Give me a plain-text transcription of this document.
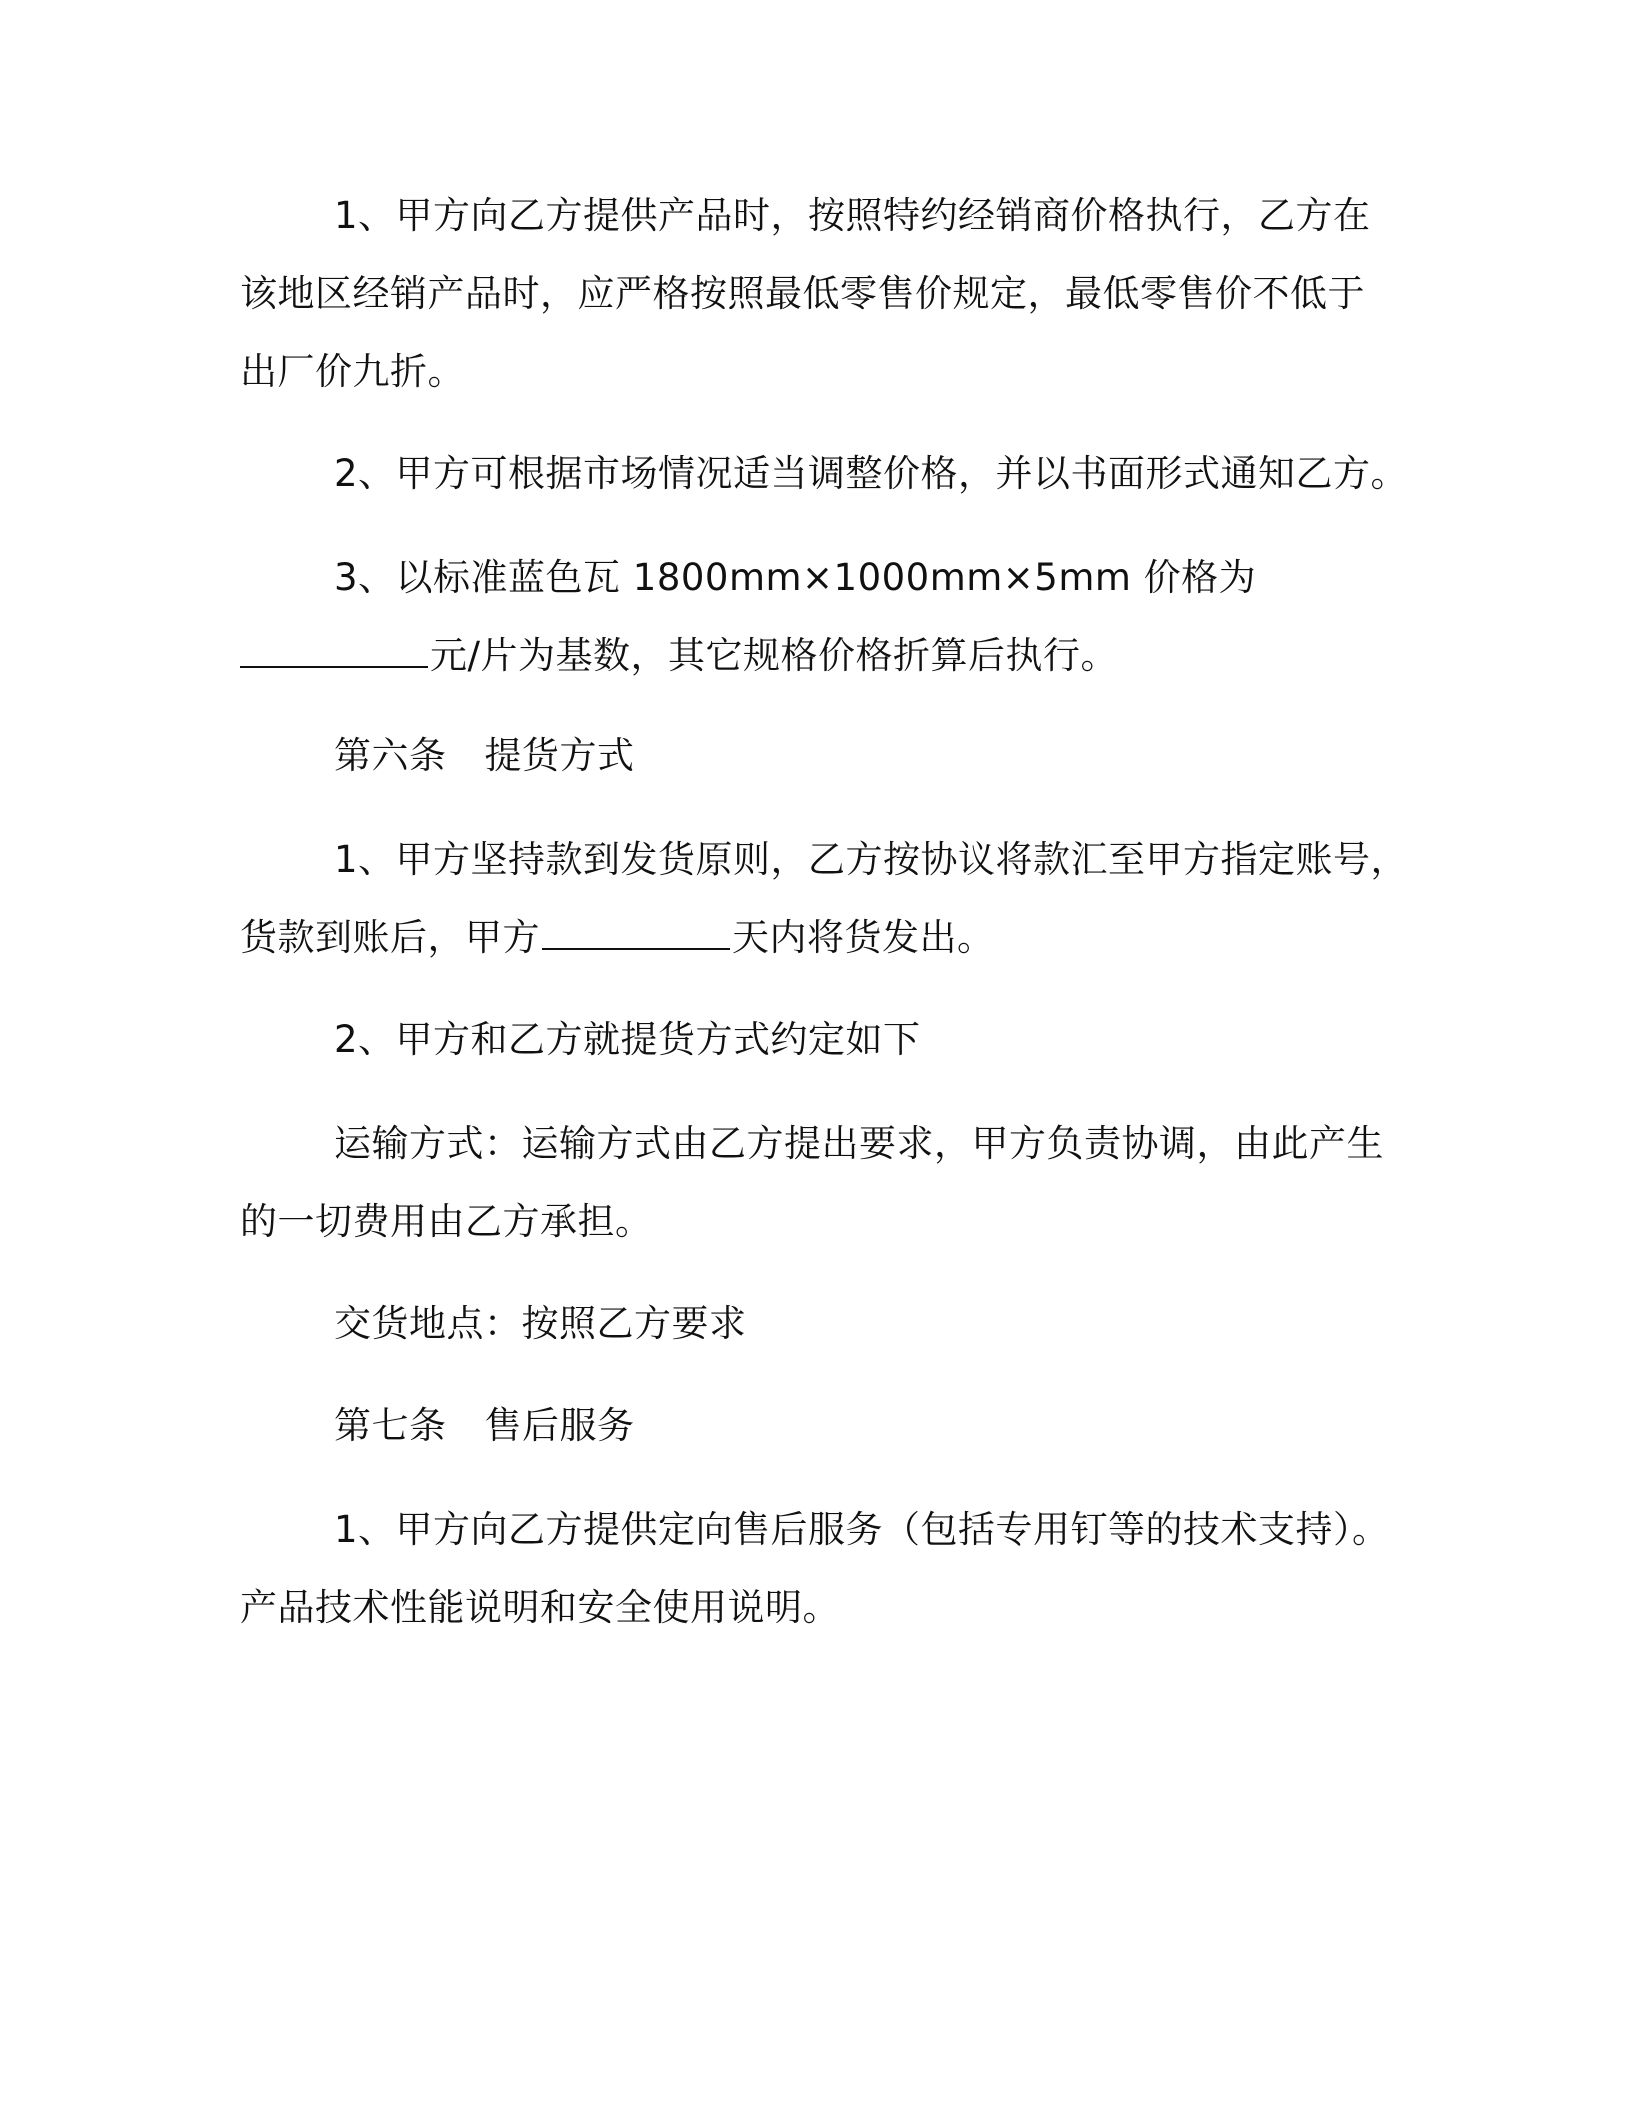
1、甲方向乙方提供产品时，按照特约经销商价格执行，乙方在
该地区经销产品时，应严格按照最低零售价规定，最低零售价不低于
出厂价九折。
2、甲方可根据市场情况适当调整价格，并以书面形式通知乙方。
3、以标准蓝色瓦 1800mm×1000mm×5mm 价格为
元/片为基数，其它规格价格折算后执行。
第六条 提货方式
1、甲方坚持款到发货原则，乙方按协议将款汇至甲方指定账号，
货款到账后，甲方	天内将货发出。
2、甲方和乙方就提货方式约定如下
运输方式：运输方式由乙方提出要求，甲方负责协调，由此产生
的一切费用由乙方承担。
交货地点：按照乙方要求
第七条 售后服务
1、甲方向乙方提供定向售后服务（包括专用钉等的技术支持）。
产品技术性能说明和安全使用说明。
